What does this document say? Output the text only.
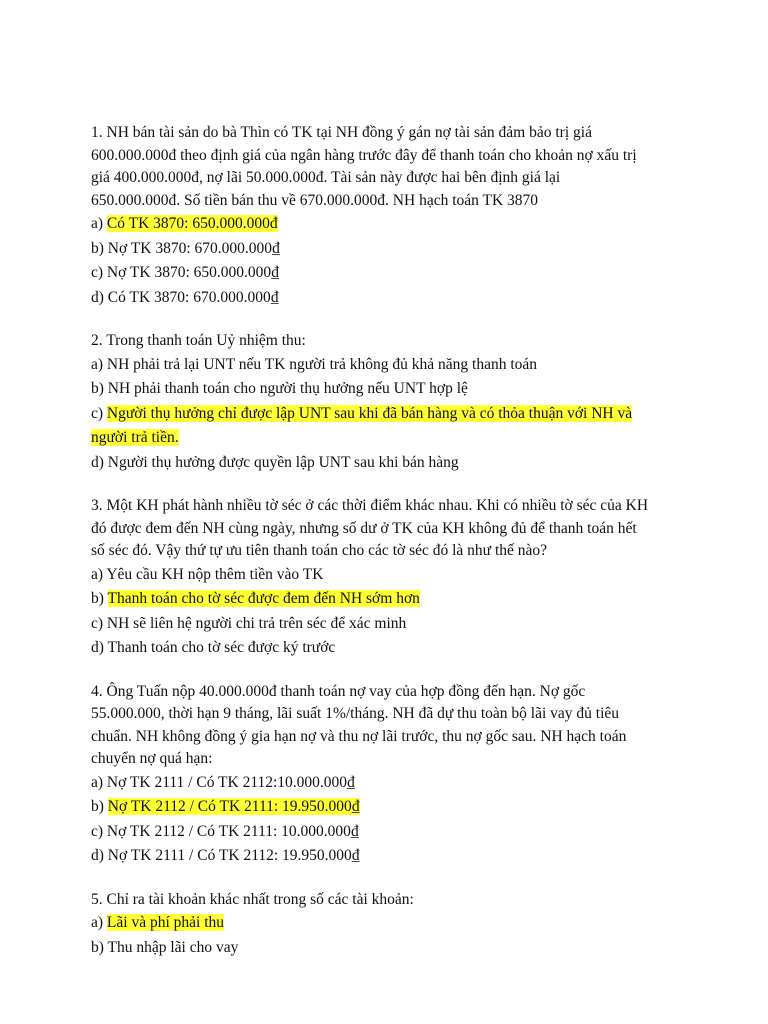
1. NH bán tài sản do bà Thìn có TK tại NH đồng ý gán nợ tài sản đảm bảo trị giá
600.000.000đ theo định giá của ngân hàng trước đây để thanh toán cho khoản nợ xấu trị
giá 400.000.000đ, nợ lãi 50.000.000đ. Tài sản này được hai bên định giá lại
650.000.000đ. Số tiền bán thu về 670.000.000đ. NH hạch toán TK 3870
a) Có TK 3870: 650.000.000đ
b) Nợ TK 3870: 670.000.000₫
c) Nợ TK 3870: 650.000.000₫
d) Có TK 3870: 670.000.000₫
2. Trong thanh toán Uỷ nhiệm thu:
a) NH phải trả lại UNT nếu TK người trả không đủ khả năng thanh toán
b) NH phải thanh toán cho người thụ hưởng nếu UNT hợp lệ
c) Người thụ hưởng chỉ được lập UNT sau khi đã bán hàng và có thỏa thuận với NH và
người trả tiền.
d) Người thụ hưởng được quyền lập UNT sau khi bán hàng
3. Một KH phát hành nhiều tờ séc ở các thời điểm khác nhau. Khi có nhiều tờ séc của KH
đó được đem đến NH cùng ngày, nhưng số dư ở TK của KH không đủ để thanh toán hết
số séc đó. Vậy thứ tự ưu tiên thanh toán cho các tờ séc đó là như thế nào?
a) Yêu cầu KH nộp thêm tiền vào TK
b) Thanh toán cho tờ séc được đem đến NH sớm hơn
c) NH sẽ liên hệ người chi trả trên séc để xác minh
d) Thanh toán cho tờ séc được ký trước
4. Ông Tuấn nộp 40.000.000đ thanh toán nợ vay của hợp đồng đến hạn. Nợ gốc
55.000.000, thời hạn 9 tháng, lãi suất 1%/tháng. NH đã dự thu toàn bộ lãi vay đủ tiêu
chuẩn. NH không đồng ý gia hạn nợ và thu nợ lãi trước, thu nợ gốc sau. NH hạch toán
chuyển nợ quá hạn:
a) Nợ TK 2111 / Có TK 2112:10.000.000₫
b) Nợ TK 2112 / Có TK 2111: 19.950.000₫
c) Nợ TK 2112 / Có TK 2111: 10.000.000₫
d) Nợ TK 2111 / Có TK 2112: 19.950.000₫
5. Chỉ ra tài khoản khác nhất trong số các tài khoản:
a) Lãi và phí phải thu
b) Thu nhập lãi cho vay
